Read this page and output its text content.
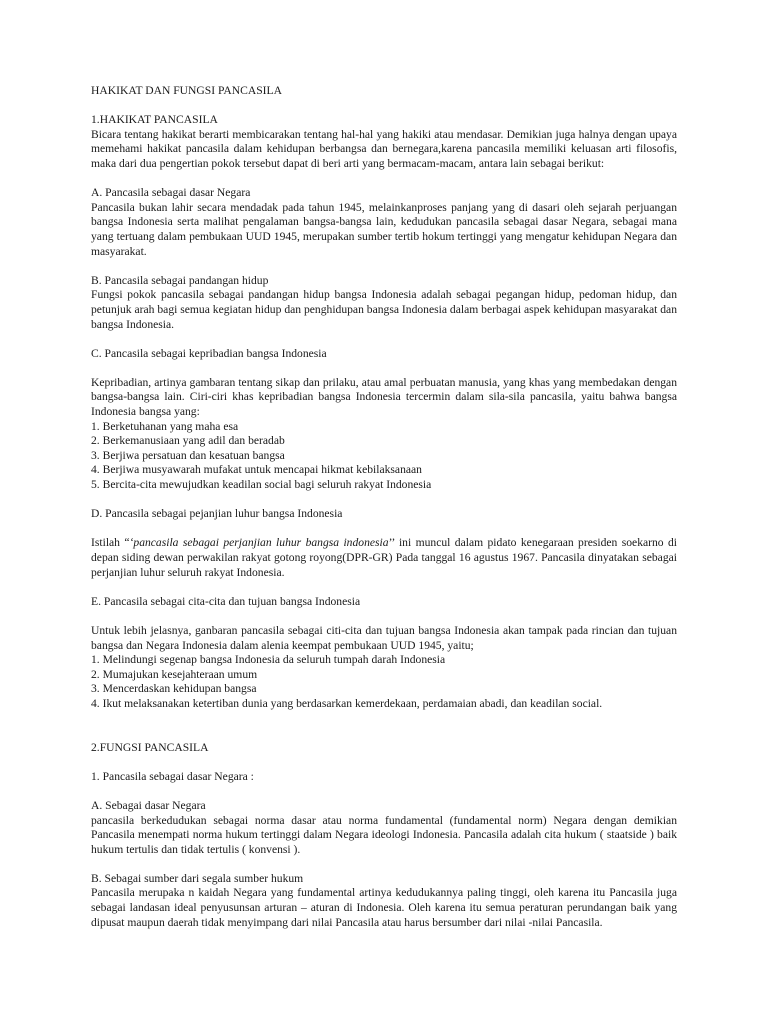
HAKIKAT DAN FUNGSI PANCASILA

1.HAKIKAT PANCASILA

Bicara tentang hakikat berarti membicarakan tentang hal-hal yang hakiki atau mendasar. Demikian juga halnya dengan upaya memehami hakikat pancasila dalam kehidupan berbangsa dan bernegara,karena pancasila memiliki keluasan arti filosofis, maka dari dua pengertian pokok tersebut dapat di beri arti yang bermacam-macam, antara lain sebagai berikut:

A. Pancasila sebagai dasar Negara

Pancasila bukan lahir secara mendadak pada tahun 1945, melainkanproses panjang yang di dasari oleh sejarah perjuangan bangsa Indonesia serta malihat pengalaman bangsa-bangsa lain, kedudukan pancasila sebagai dasar Negara, sebagai mana yang tertuang dalam pembukaan UUD 1945, merupakan sumber tertib hokum tertinggi yang mengatur kehidupan Negara dan masyarakat.

B. Pancasila sebagai pandangan hidup

Fungsi pokok pancasila sebagai pandangan hidup bangsa Indonesia adalah sebagai pegangan hidup, pedoman hidup, dan petunjuk arah bagi semua kegiatan hidup dan penghidupan bangsa Indonesia dalam berbagai aspek kehidupan masyarakat dan bangsa Indonesia.

C. Pancasila sebagai kepribadian bangsa Indonesia

Kepribadian, artinya gambaran tentang sikap dan prilaku, atau amal perbuatan manusia, yang khas yang membedakan dengan bangsa-bangsa lain. Ciri-ciri khas kepribadian bangsa Indonesia tercermin dalam sila-sila pancasila, yaitu bahwa bangsa Indonesia bangsa yang:

1. Berketuhanan yang maha esa
2. Berkemanusiaan yang adil dan beradab
3. Berjiwa persatuan dan kesatuan bangsa
4. Berjiwa musyawarah mufakat untuk mencapai hikmat kebilaksanaan
5. Bercita-cita mewujudkan keadilan social bagi seluruh rakyat Indonesia

D. Pancasila sebagai pejanjian luhur bangsa Indonesia

Istilah “‘pancasila sebagai perjanjian luhur bangsa indonesia’’ ini muncul dalam pidato kenegaraan presiden soekarno di depan siding dewan perwakilan rakyat gotong royong(DPR-GR) Pada tanggal 16 agustus 1967. Pancasila dinyatakan sebagai perjanjian luhur seluruh rakyat Indonesia.

E. Pancasila sebagai cita-cita dan tujuan bangsa Indonesia

Untuk lebih jelasnya, ganbaran pancasila sebagai citi-cita dan tujuan bangsa Indonesia akan tampak pada rincian dan tujuan bangsa dan Negara Indonesia dalam alenia keempat pembukaan UUD 1945, yaitu;

1. Melindungi segenap bangsa Indonesia da seluruh tumpah darah Indonesia
2. Mumajukan kesejahteraan umum
3. Mencerdaskan kehidupan bangsa
4. Ikut melaksanakan ketertiban dunia yang berdasarkan kemerdekaan, perdamaian abadi, dan keadilan social.

2.FUNGSI PANCASILA

1. Pancasila sebagai dasar Negara :

A. Sebagai dasar Negara

pancasila berkedudukan sebagai norma dasar atau norma fundamental (fundamental norm) Negara dengan demikian Pancasila menempati norma hukum tertinggi dalam Negara ideologi Indonesia. Pancasila adalah cita hukum ( staatside ) baik hukum tertulis dan tidak tertulis ( konvensi ).

B. Sebagai sumber dari segala sumber hukum

Pancasila merupaka n kaidah Negara yang fundamental artinya kedudukannya paling tinggi, oleh karena itu Pancasila juga sebagai landasan ideal penyusunsan arturan – aturan di Indonesia. Oleh karena itu semua peraturan perundangan baik yang dipusat maupun daerah tidak menyimpang dari nilai Pancasila atau harus bersumber dari nilai -nilai Pancasila.
